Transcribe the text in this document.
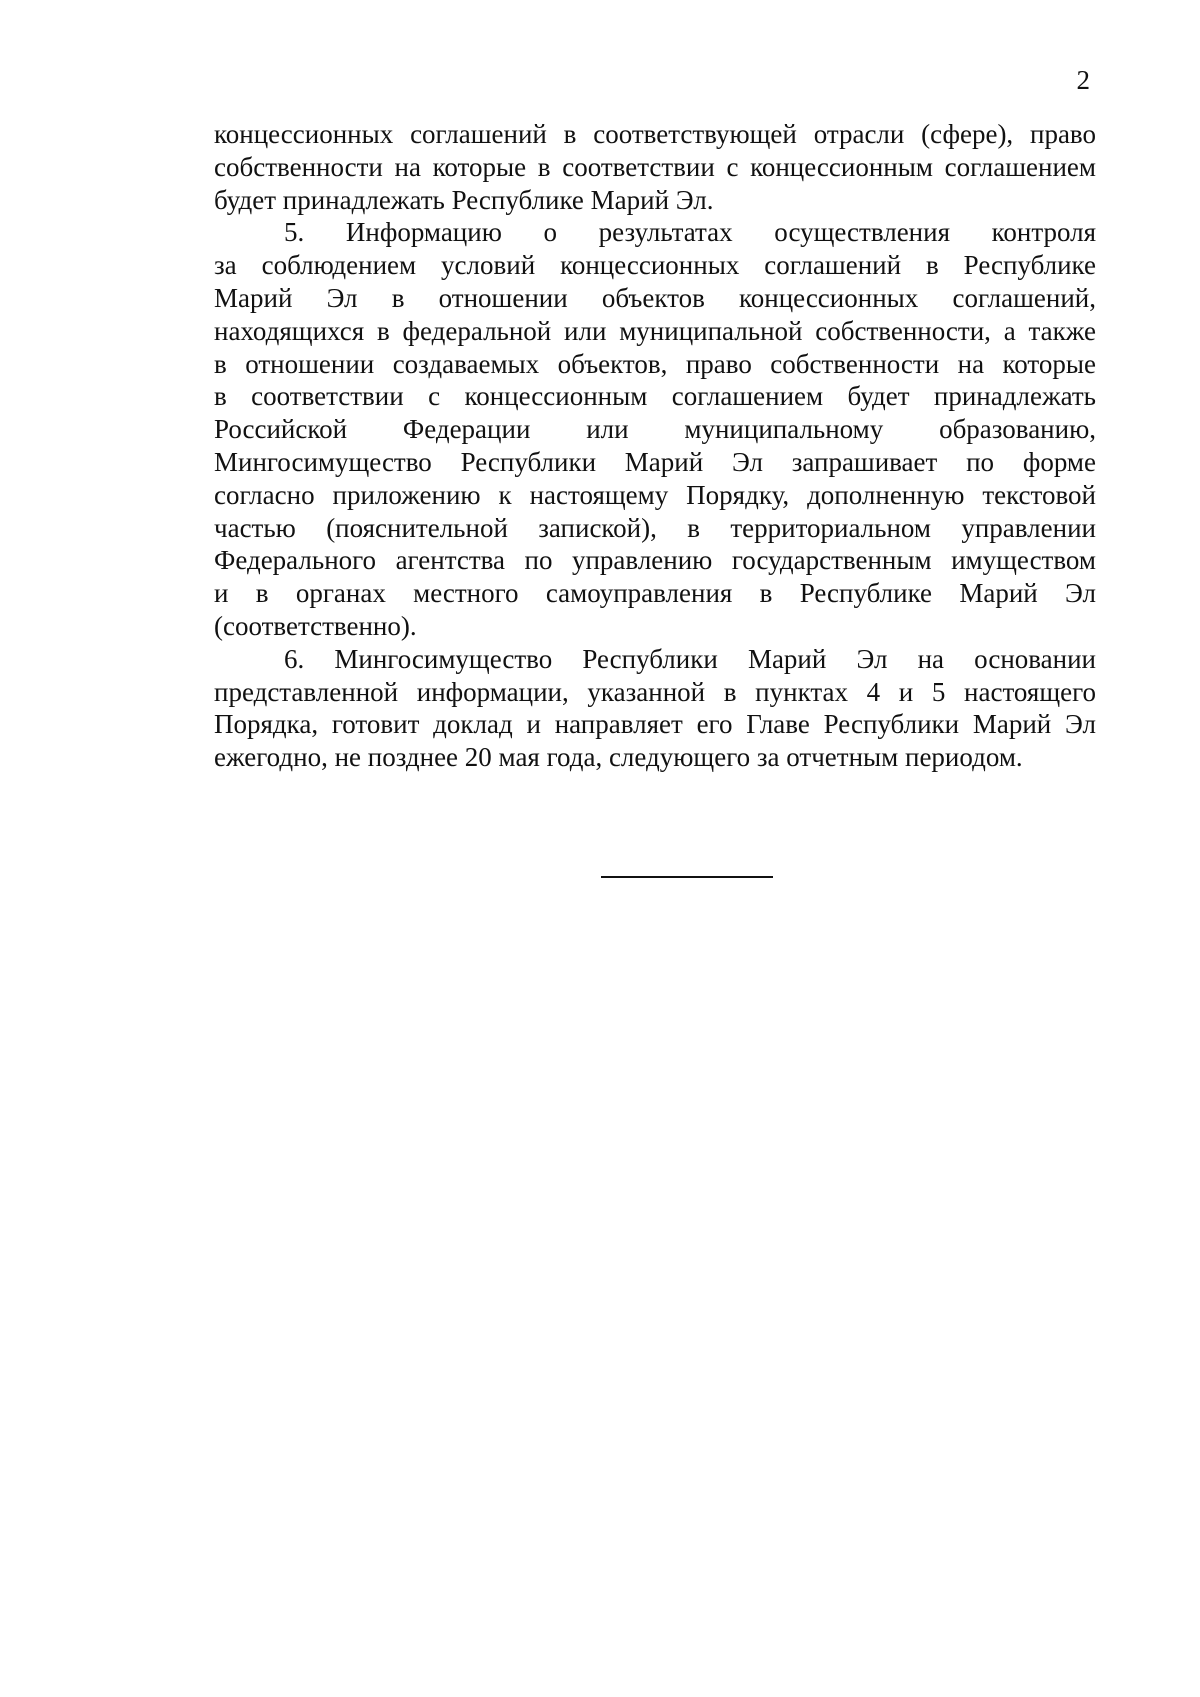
2
концессионных соглашений в соответствующей отрасли (сфере), право
собственности на которые в соответствии с концессионным соглашением
будет принадлежать Республике Марий Эл.
5. Информацию о результатах осуществления контроля
за соблюдением условий концессионных соглашений в Республике
Марий Эл в отношении объектов концессионных соглашений,
находящихся в федеральной или муниципальной собственности, а также
в отношении создаваемых объектов, право собственности на которые
в соответствии с концессионным соглашением будет принадлежать
Российской Федерации или муниципальному образованию,
Мингосимущество Республики Марий Эл запрашивает по форме
согласно приложению к настоящему Порядку, дополненную текстовой
частью (пояснительной запиской), в территориальном управлении
Федерального агентства по управлению государственным имуществом
и в органах местного самоуправления в Республике Марий Эл
(соответственно).
6. Мингосимущество Республики Марий Эл на основании
представленной информации, указанной в пунктах 4 и 5 настоящего
Порядка, готовит доклад и направляет его Главе Республики Марий Эл
ежегодно, не позднее 20 мая года, следующего за отчетным периодом.
